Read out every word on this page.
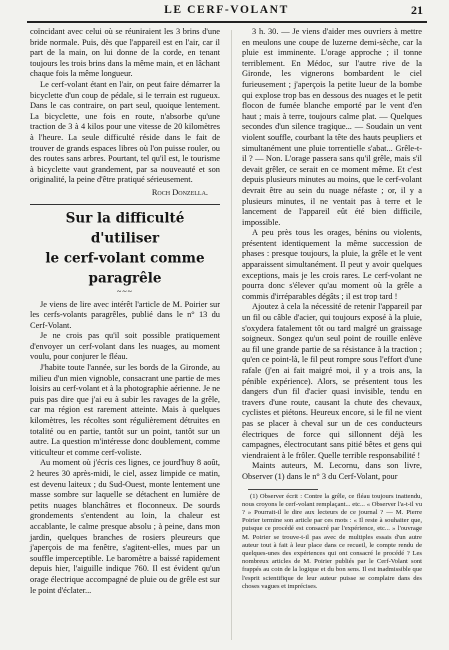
LE CERF-VOLANT	21

coïncidant avec celui où se réuniraient les 3 brins d'une bride normale. Puis, dès que l'appareil est en l'air, car il part de la main, on lui donne de la corde, en tenant toujours les trois brins dans la même main, et en lâchant chaque fois la même longueur.

Le cerf-volant étant en l'air, on peut faire démarrer la bicyclette d'un coup de pédale, si le terrain est rugueux. Dans le cas contraire, on part seul, quoique lentement. La bicyclette, une fois en route, n'absorbe qu'une traction de 3 à 4 kilos pour une vitesse de 20 kilomètres à l'heure. La seule difficulté réside dans le fait de trouver de grands espaces libres où l'on puisse rouler, ou des routes sans arbres. Pourtant, tel qu'il est, le tourisme à bicyclette vaut grandement, par sa nouveauté et son originalité, la peine d'être pratiqué sérieusement.

Roch Donzella.
Sur la difficulté d'utiliser
le cerf-volant comme paragrêle
~~~

Je viens de lire avec intérêt l'article de M. Poirier sur les cerfs-volants paragrêles, publié dans le n° 13 du Cerf-Volant.

Je ne crois pas qu'il soit possible pratiquement d'envoyer un cerf-volant dans les nuages, au moment voulu, pour conjurer le fléau.

J'habite toute l'année, sur les bords de la Gironde, au milieu d'un mien vignoble, consacrant une partie de mes loisirs au cerf-volant et à la photographie aérienne. Je ne puis pas dire que j'ai eu à subir les ravages de la grêle, car ma région est rarement atteinte. Mais à quelques kilomètres, les récoltes sont régulièrement détruites en totalité ou en partie, tantôt sur un point, tantôt sur un autre. La question m'intéresse donc doublement, comme viticulteur et comme cerf-voliste.

Au moment où j'écris ces lignes, ce jourd'huy 8 août, 2 heures 30 après-midi, le ciel, assez limpide ce matin, est devenu laiteux ; du Sud-Ouest, monte lentement une masse sombre sur laquelle se détachent en lumière de petits nuages blanchâtres et floconneux. De sourds grondements s'entendent au loin, la chaleur est accablante, le calme presque absolu ; à peine, dans mon jardin, quelques branches de rosiers pleureurs que j'aperçois de ma fenêtre, s'agitent-elles, mues par un souffle imperceptible. Le baromètre a baissé rapidement depuis hier, l'aiguille indique 760. Il est évident qu'un orage électrique accompagné de pluie ou de grêle est sur le point d'éclater...

3 h. 30. — Je viens d'aider mes ouvriers à mettre en meulons une coupe de luzerne demi-sèche, car la pluie est imminente. L'orage approche ; il tonne terriblement. En Médoc, sur l'autre rive de la Gironde, les vignerons bombardent le ciel furieusement ; j'aperçois la petite lueur de la bombe qui explose trop bas en dessous des nuages et le petit flocon de fumée blanche emporté par le vent d'en haut ; mais à terre, toujours calme plat. — Quelques secondes d'un silence tragique... — Soudain un vent violent souffle, courbant la tête des hauts peupliers et simultanément une pluie torrentielle s'abat... Grêle-t-il ? — Non. L'orage passera sans qu'il grêle, mais s'il devait grêler, ce serait en ce moment même. Et c'est depuis plusieurs minutes au moins, que le cerf-volant devrait être au sein du nuage néfaste ; or, il y a plusieurs minutes, il ne ventait pas à terre et le lancement de l'appareil eût été bien difficile, impossible.

A peu près tous les orages, bénins ou violents, présentent identiquement la même succession de phases : presque toujours, la pluie, la grêle et le vent apparaissent simultanément. Il peut y avoir quelques exceptions, mais je les crois rares. Le cerf-volant ne pourra donc s'élever qu'au moment où la grêle a commis d'irréparables dégâts ; il est trop tard !

Ajoutez à cela la nécessité de retenir l'appareil par un fil ou câble d'acier, qui toujours exposé à la pluie, s'oxydera fatalement tôt ou tard malgré un graissage soigneux. Songez qu'un seul point de rouille enlève au fil une grande partie de sa résistance à la traction ; qu'en ce point-là, le fil peut rompre sous l'effort d'une rafale (j'en ai fait maigré moi, il y a trois ans, la pénible expérience). Alors, se présentent tous les dangers d'un fil d'acier quasi invisible, tendu en travers d'une route, causant la chute des chevaux, cyclistes et piétons. Heureux encore, si le fil ne vient pas se placer à cheval sur un de ces conducteurs électriques de force qui sillonnent déjà les campagnes, électrocutant sans pitié bêtes et gens qui viendraient à le frôler. Quelle terrible responsabilité !

Maints auteurs, M. Lecornu, dans son livre, Observer (1) dans le n° 3 du Cerf-Volant, pour

(1) Observer écrit : Contre la grêle, ce fléau toujours inattendu, nous croyons le cerf-volant remplaçant... etc... « Observer l'a-t-il vu ? » Pourrait-il le dire aux lecteurs de ce journal ? — M. Pierre Poirier termine son article par ces mots : « Il reste à souhaiter que, puisque ce procédé est consacré par l'expérience, etc... » l'ouvrage M. Poirier se trouve-t-il pas avec de multiples essais d'un autre auteur tout à fait à leur place dans ce recueil, le compte rendu de quelques-unes des expériences qui ont consacré le procédé ? Les nombreux articles de M. Poirier publiés par le Cerf-Volant sont frappés au coin de la logique et du bon sens. Il est inadmissible que l'esprit scientifique de leur auteur puisse se complaire dans des choses vagues et imprécises.
